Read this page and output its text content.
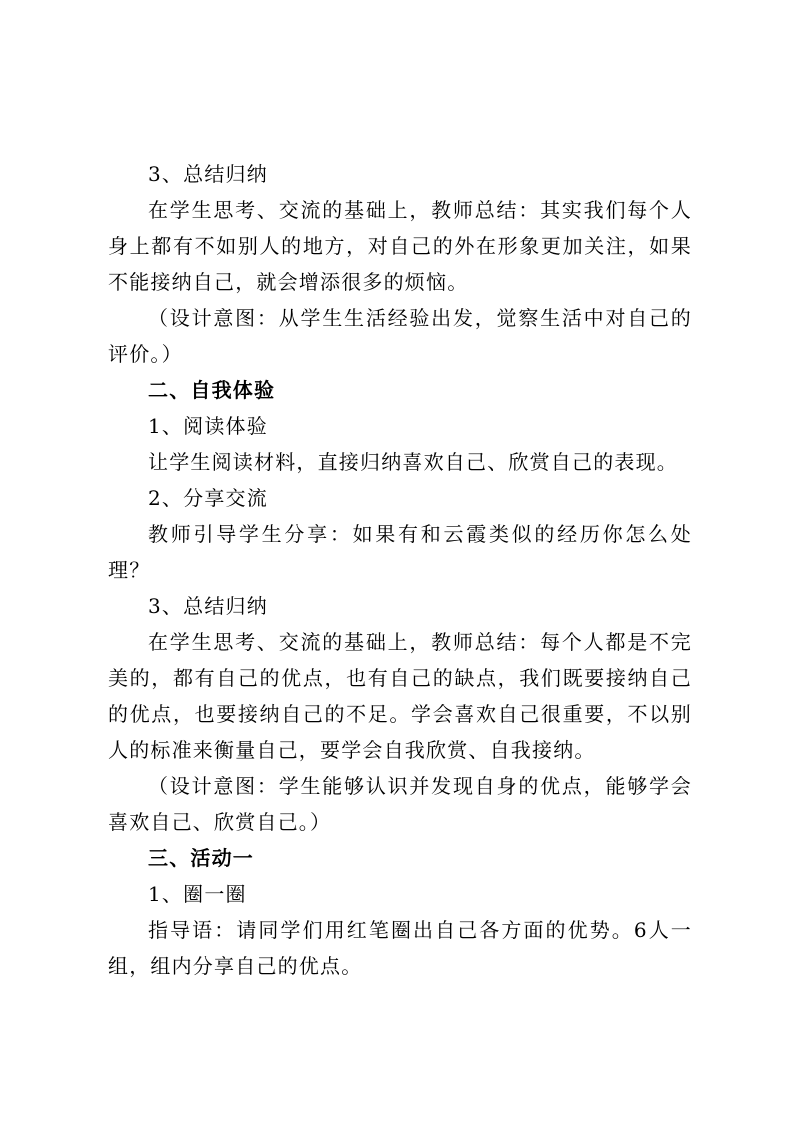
3、总结归纳

在学生思考、交流的基础上，教师总结：其实我们每个人身上都有不如别人的地方，对自己的外在形象更加关注，如果不能接纳自己，就会增添很多的烦恼。

（设计意图：从学生生活经验出发，觉察生活中对自己的评价。）

二、自我体验

1、阅读体验

让学生阅读材料，直接归纳喜欢自己、欣赏自己的表现。

2、分享交流

教师引导学生分享：如果有和云霞类似的经历你怎么处理？

3、总结归纳

在学生思考、交流的基础上，教师总结：每个人都是不完美的，都有自己的优点，也有自己的缺点，我们既要接纳自己的优点，也要接纳自己的不足。学会喜欢自己很重要，不以别人的标准来衡量自己，要学会自我欣赏、自我接纳。

（设计意图：学生能够认识并发现自身的优点，能够学会喜欢自己、欣赏自己。）

三、活动一

1、圈一圈

指导语：请同学们用红笔圈出自己各方面的优势。6人一组，组内分享自己的优点。
